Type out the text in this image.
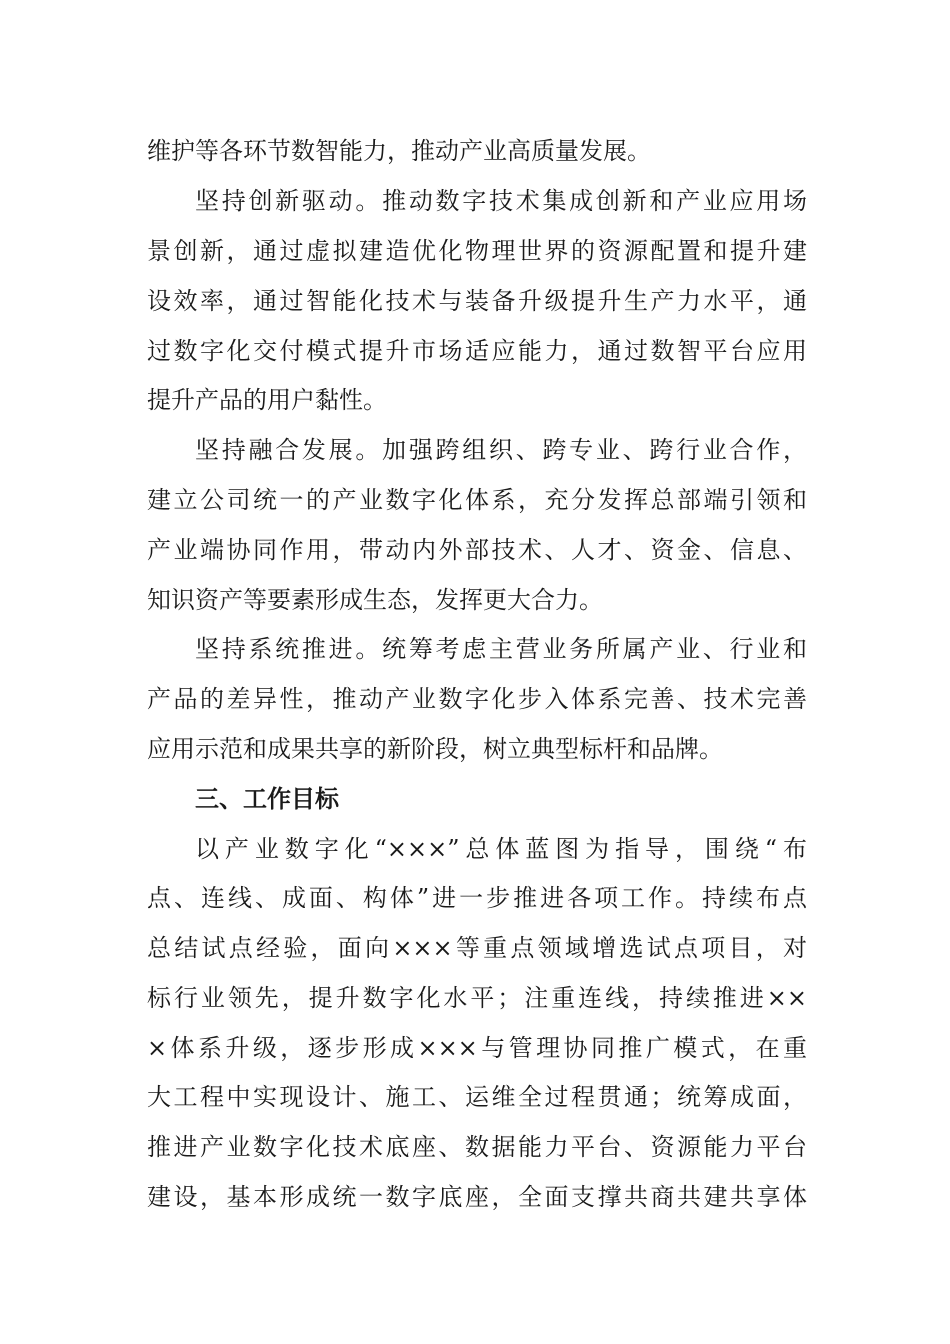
维护等各环节数智能力，推动产业高质量发展。
坚持创新驱动。推动数字技术集成创新和产业应用场
景创新，通过虚拟建造优化物理世界的资源配置和提升建
设效率，通过智能化技术与装备升级提升生产力水平，通
过数字化交付模式提升市场适应能力，通过数智平台应用
提升产品的用户黏性。
坚持融合发展。加强跨组织、跨专业、跨行业合作，
建立公司统一的产业数字化体系，充分发挥总部端引领和
产业端协同作用，带动内外部技术、人才、资金、信息、
知识资产等要素形成生态，发挥更大合力。
坚持系统推进。统筹考虑主营业务所属产业、行业和
产品的差异性，推动产业数字化步入体系完善、技术完善
应用示范和成果共享的新阶段，树立典型标杆和品牌。
三、工作目标
以产业数字化“×××”总体蓝图为指导，围绕“布
点、连线、成面、构体”进一步推进各项工作。持续布点
总结试点经验，面向×××等重点领域增选试点项目，对
标行业领先，提升数字化水平；注重连线，持续推进××
×体系升级，逐步形成×××与管理协同推广模式，在重
大工程中实现设计、施工、运维全过程贯通；统筹成面，
推进产业数字化技术底座、数据能力平台、资源能力平台
建设，基本形成统一数字底座，全面支撑共商共建共享体
